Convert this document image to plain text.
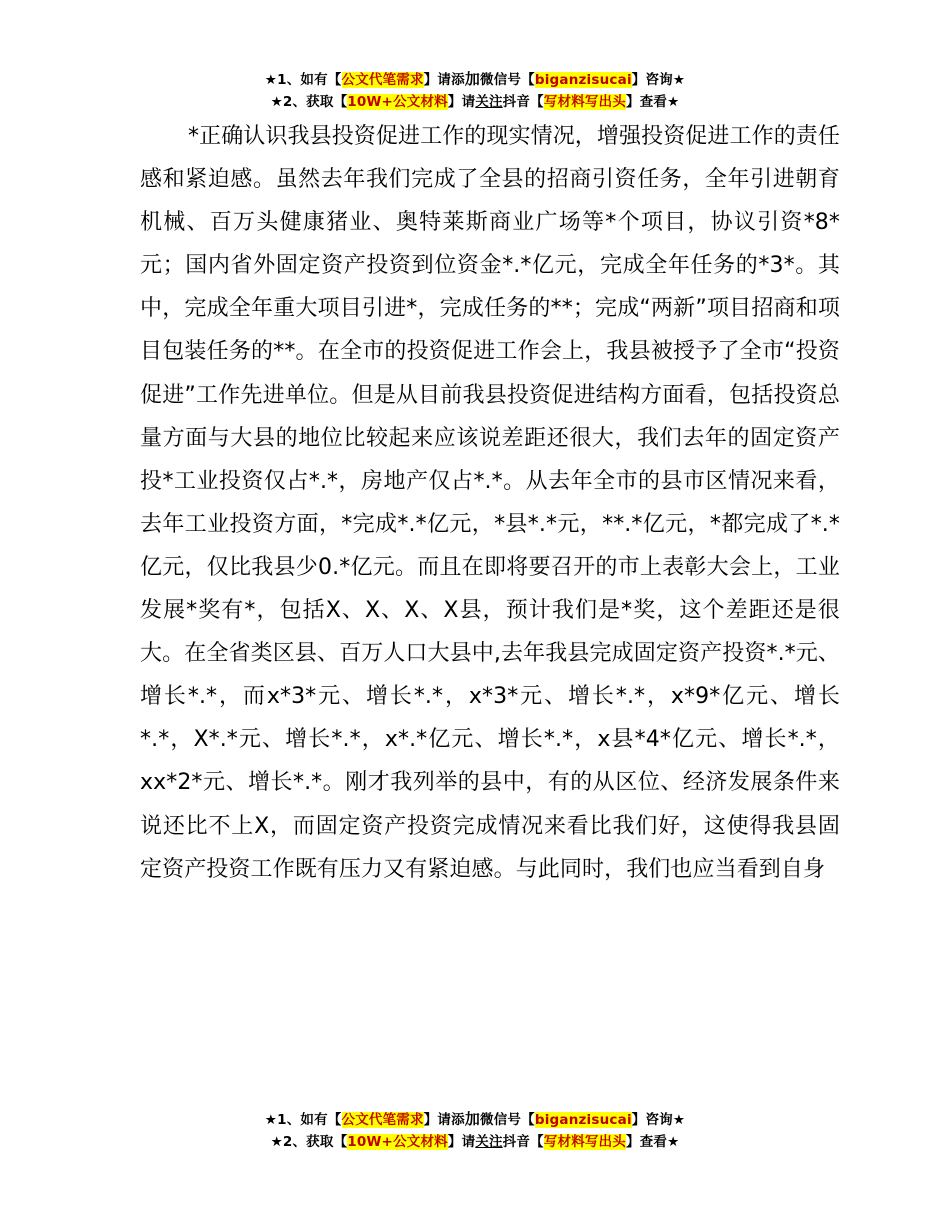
★1、如有【公文代笔需求】请添加微信号【biganzisucai】咨询★
★2、获取【10W+公文材料】请关注抖音【写材料写出头】查看★

*正确认识我县投资促进工作的现实情况，增强投资促进工作的责任感和紧迫感。虽然去年我们完成了全县的招商引资任务，全年引进朝育机械、百万头健康猪业、奥特莱斯商业广场等*个项目，协议引资*8*元；国内省外固定资产投资到位资金*.*亿元，完成全年任务的*3*。其中，完成全年重大项目引进*，完成任务的**；完成“两新”项目招商和项目包装任务的**。在全市的投资促进工作会上，我县被授予了全市“投资促进”工作先进单位。但是从目前我县投资促进结构方面看，包括投资总量方面与大县的地位比较起来应该说差距还很大，我们去年的固定资产投*工业投资仅占*.*，房地产仅占*.*。从去年全市的县市区情况来看，去年工业投资方面，*完成*.*亿元，*县*.*元，**.*亿元，*都完成了*.*亿元，仅比我县少0.*亿元。而且在即将要召开的市上表彰大会上，工业发展*奖有*，包括X、X、X、X县，预计我们是*奖，这个差距还是很大。在全省类区县、百万人口大县中,去年我县完成固定资产投资*.*元、增长*.*，而x*3*元、增长*.*，x*3*元、增长*.*，x*9*亿元、增长*.*，X*.*元、增长*.*，x*.*亿元、增长*.*，x县*4*亿元、增长*.*，xx*2*元、增长*.*。刚才我列举的县中，有的从区位、经济发展条件来说还比不上X，而固定资产投资完成情况来看比我们好，这使得我县固定资产投资工作既有压力又有紧迫感。与此同时，我们也应当看到自身

★1、如有【公文代笔需求】请添加微信号【biganzisucai】咨询★
★2、获取【10W+公文材料】请关注抖音【写材料写出头】查看★
